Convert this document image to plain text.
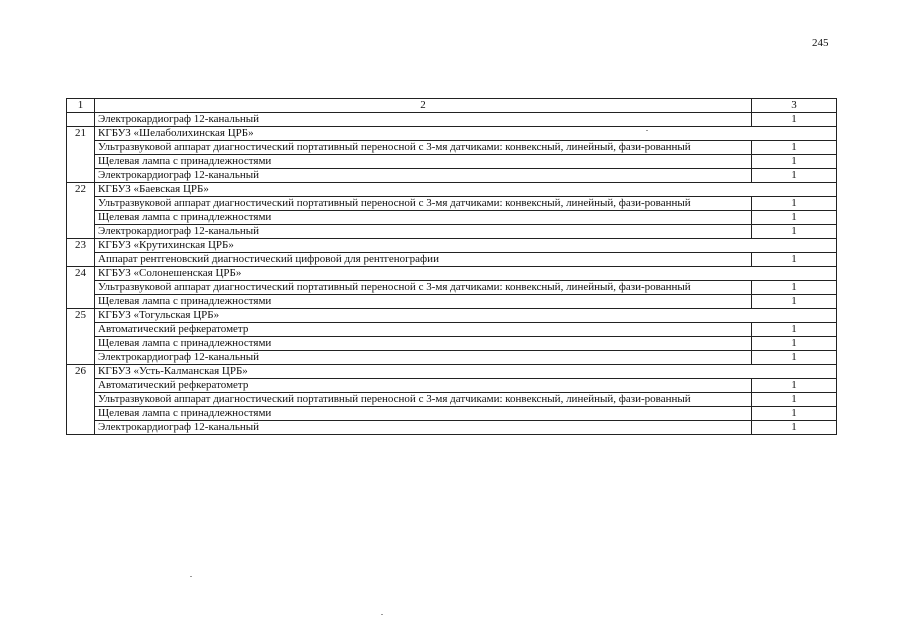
245
1	2	3
	Электрокардиограф 12-канальный	1
21	КГБУЗ «Шелаболихинская ЦРБ»	
	Ультразвуковой аппарат диагностический портативный переносной с 3-мя датчиками: конвексный, линейный, фази-рованный	1
	Щелевая лампа с принадлежностями	1
	Электрокардиограф 12-канальный	1
22	КГБУЗ «Баевская ЦРБ»	
	Ультразвуковой аппарат диагностический портативный переносной с 3-мя датчиками: конвексный, линейный, фази-рованный	1
	Щелевая лампа с принадлежностями	1
	Электрокардиограф 12-канальный	1
23	КГБУЗ «Крутихинская ЦРБ»	
	Аппарат рентгеновский диагностический цифровой для рентгенографии	1
24	КГБУЗ «Солонешенская ЦРБ»	
	Ультразвуковой аппарат диагностический портативный переносной с 3-мя датчиками: конвексный, линейный, фази-рованный	1
	Щелевая лампа с принадлежностями	1
25	КГБУЗ «Тогульская ЦРБ»	
	Автоматический рефкератометр	1
	Щелевая лампа с принадлежностями	1
	Электрокардиограф 12-канальный	1
26	КГБУЗ «Усть-Калманская ЦРБ»	
	Автоматический рефкератометр	1
	Ультразвуковой аппарат диагностический портативный переносной с 3-мя датчиками: конвексный, линейный, фази-рованный	1
	Щелевая лампа с принадлежностями	1
	Электрокардиограф 12-канальный	1
